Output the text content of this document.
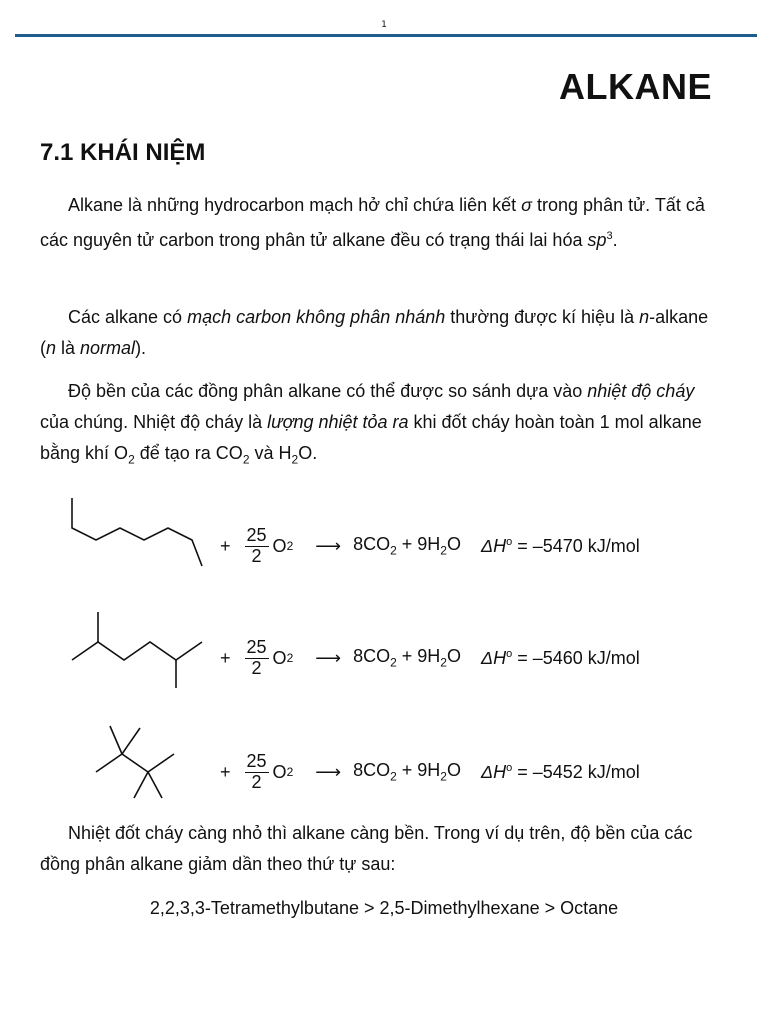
1
ALKANE
7.1 KHÁI NIỆM

Alkane là những hydrocarbon mạch hở chỉ chứa liên kết σ trong phân tử. Tất cả các nguyên tử carbon trong phân tử alkane đều có trạng thái lai hóa $sp^3$.

Các alkane có mạch carbon không phân nhánh thường được kí hiệu là n-alkane (n là normal).

Độ bền của các đồng phân alkane có thể được so sánh dựa vào nhiệt độ cháy của chúng. Nhiệt độ cháy là lượng nhiệt tỏa ra khi đốt cháy hoàn toàn 1 mol alkane bằng khí $O_2$ để tạo ra $CO_2$ và $H_2O$.

+ $\frac{25}{2}$ O 2 ⟶ $8CO_2 + 9H_2O$ $\Delta H^o = -5470$ kJ/mol
+ $\frac{25}{2}$ O 2 ⟶ $8CO_2 + 9H_2O$ $\Delta H^o = -5460$ kJ/mol
+ $\frac{25}{2}$ O 2 ⟶ $8CO_2 + 9H_2O$ $\Delta H^o = -5452$ kJ/mol

Nhiệt đốt cháy càng nhỏ thì alkane càng bền. Trong ví dụ trên, độ bền của các đồng phân alkane giảm dần theo thứ tự sau:

2,2,3,3-Tetramethylbutane > 2,5-Dimethylhexane > Octane
